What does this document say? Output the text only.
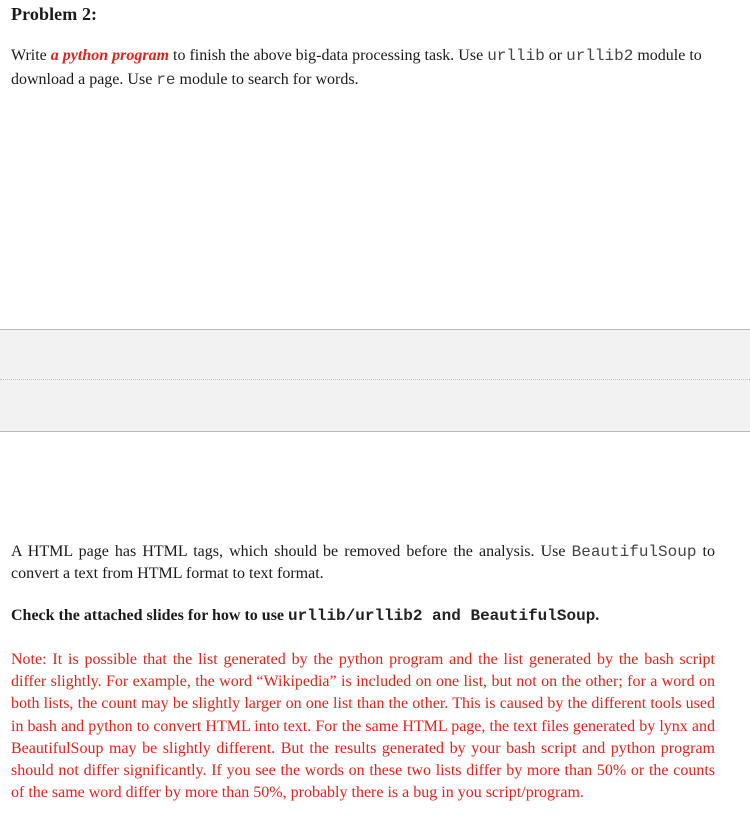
Problem 2:

Write a python program to finish the above big-data processing task. Use urllib or urllib2 module to download a page. Use re module to search for words.

A HTML page has HTML tags, which should be removed before the analysis. Use BeautifulSoup to convert a text from HTML format to text format.

Check the attached slides for how to use urllib/urllib2 and BeautifulSoup.

Note: It is possible that the list generated by the python program and the list generated by the bash script differ slightly. For example, the word “Wikipedia” is included on one list, but not on the other; for a word on both lists, the count may be slightly larger on one list than the other. This is caused by the different tools used in bash and python to convert HTML into text. For the same HTML page, the text files generated by lynx and BeautifulSoup may be slightly different. But the results generated by your bash script and python program should not differ significantly. If you see the words on these two lists differ by more than 50% or the counts of the same word differ by more than 50%, probably there is a bug in you script/program.
